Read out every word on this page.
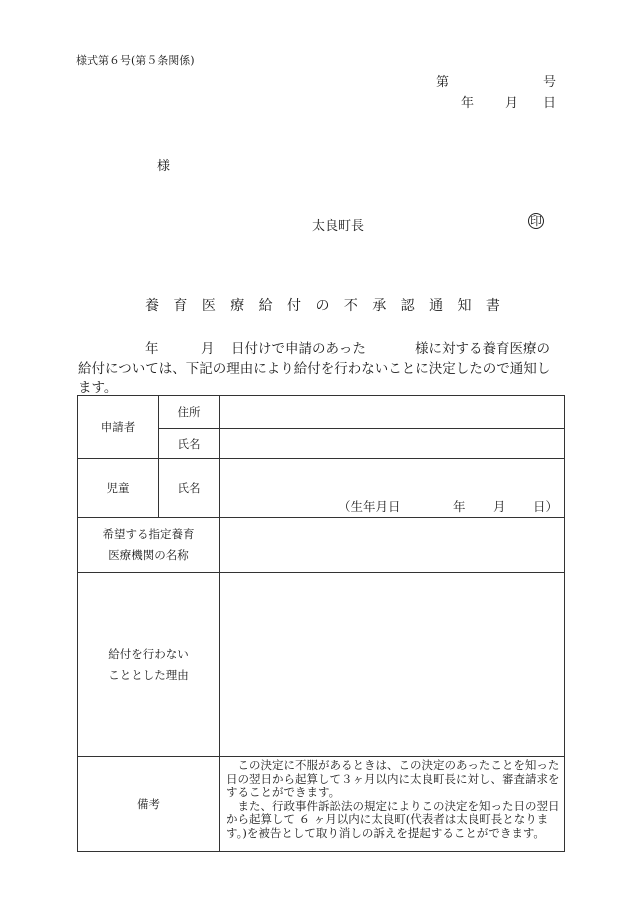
様式第６号(第５条関係)
第	号
年 月 日
様
太良町長	印
養 育 医 療 給 付 の 不 承 認 通 知 書
年	月 日付けで申請のあった	様に対する養育医療の
給付については、下記の理由により給付を行わないことに決定したので通知し
ます。
申請者	住所	
	氏名	
児童	氏名	（生年月日 年 月 日）

希望する指定養育
医療機関の名称		

給付を行わない
こととした理由		

備考		この決定に不服があるときは、この決定のあったことを知った日の翌日から起算して３ヶ月以内に太良町長に対し、審査請求をすることができます。

また、行政事件訴訟法の規定によりこの決定を知った日の翌日から起算して ６ ヶ月以内に太良町(代表者は太良町長となります。)を被告として取り消しの訴えを提起することができます。
